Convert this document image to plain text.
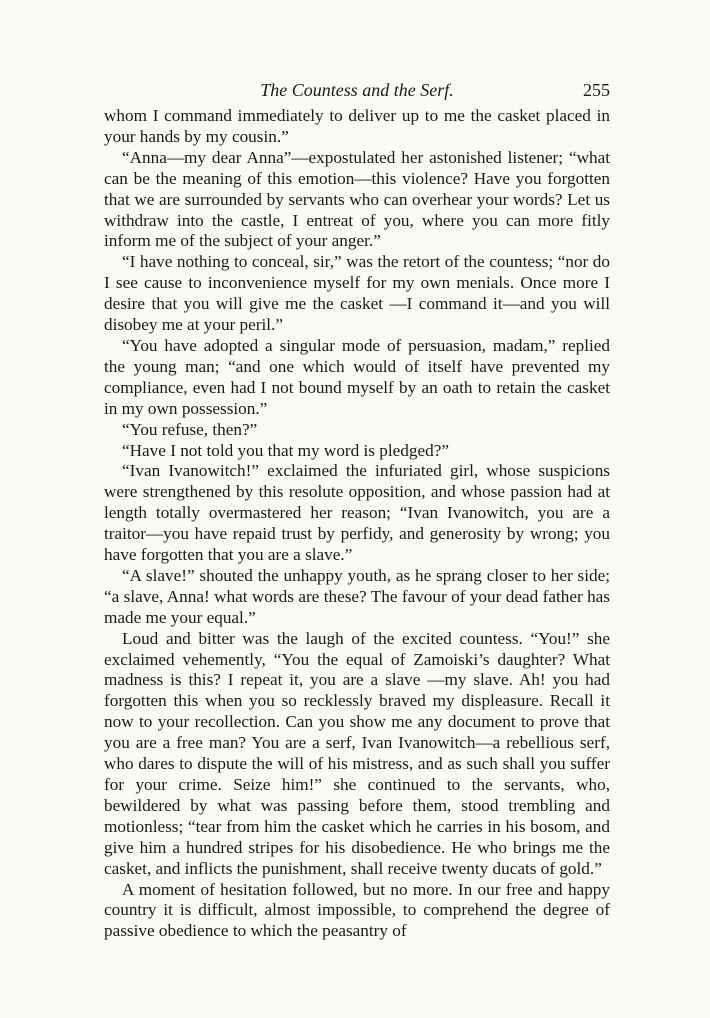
The Countess and the Serf.	255

whom I command immediately to deliver up to me the casket placed in your hands by my cousin.”

“Anna—my dear Anna”—expostulated her astonished listener; “what can be the meaning of this emotion—this violence? Have you forgotten that we are surrounded by servants who can overhear your words? Let us withdraw into the castle, I entreat of you, where you can more fitly inform me of the subject of your anger.”

“I have nothing to conceal, sir,” was the retort of the countess; “nor do I see cause to inconvenience myself for my own menials. Once more I desire that you will give me the casket —I command it—and you will disobey me at your peril.”

“You have adopted a singular mode of persuasion, madam,” replied the young man; “and one which would of itself have prevented my compliance, even had I not bound myself by an oath to retain the casket in my own possession.”

“You refuse, then?”

“Have I not told you that my word is pledged?”

“Ivan Ivanowitch!” exclaimed the infuriated girl, whose suspicions were strengthened by this resolute opposition, and whose passion had at length totally overmastered her reason; “Ivan Ivanowitch, you are a traitor—you have repaid trust by perfidy, and generosity by wrong; you have forgotten that you are a slave.”

“A slave!” shouted the unhappy youth, as he sprang closer to her side; “a slave, Anna! what words are these? The favour of your dead father has made me your equal.”

Loud and bitter was the laugh of the excited countess. “You!” she exclaimed vehemently, “You the equal of Zamoiski’s daughter? What madness is this? I repeat it, you are a slave —my slave. Ah! you had forgotten this when you so recklessly braved my displeasure. Recall it now to your recollection. Can you show me any document to prove that you are a free man? You are a serf, Ivan Ivanowitch—a rebellious serf, who dares to dispute the will of his mistress, and as such shall you suffer for your crime. Seize him!” she continued to the servants, who, bewildered by what was passing before them, stood trembling and motionless; “tear from him the casket which he carries in his bosom, and give him a hundred stripes for his disobedience. He who brings me the casket, and inflicts the punishment, shall receive twenty ducats of gold.”

A moment of hesitation followed, but no more. In our free and happy country it is difficult, almost impossible, to comprehend the degree of passive obedience to which the peasantry of
